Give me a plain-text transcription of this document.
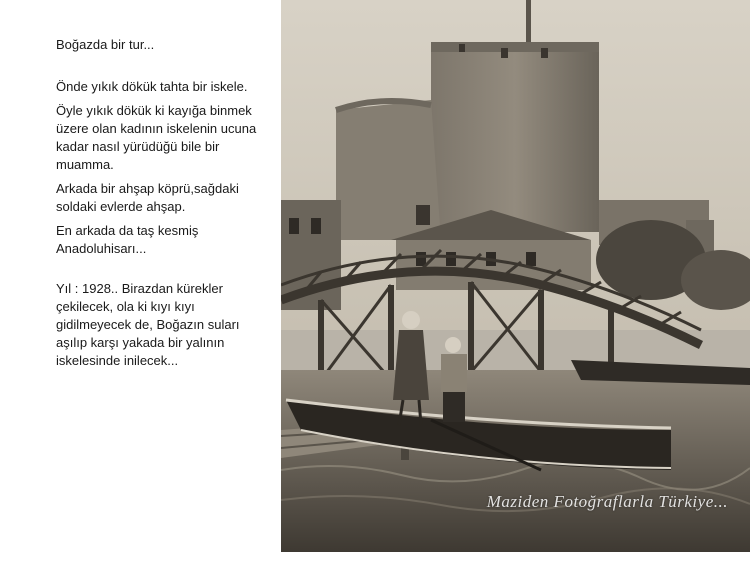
Boğazda bir tur...

Önde yıkık dökük tahta bir iskele.

Öyle yıkık dökük ki kayığa binmek üzere olan kadının iskelenin ucuna kadar nasıl yürüdüğü bile bir muamma.

Arkada bir ahşap köprü,sağdaki soldaki evlerde ahşap.

En arkada da taş kesmiş Anadoluhisarı...

Yıl : 1928.. Birazdan kürekler çekilecek, ola ki kıyı kıyı gidilmeyecek de, Boğazın suları aşılıp karşı yakada bir yalının iskelesinde inilecek...

Maziden Fotoğraflarla Türkiye...
